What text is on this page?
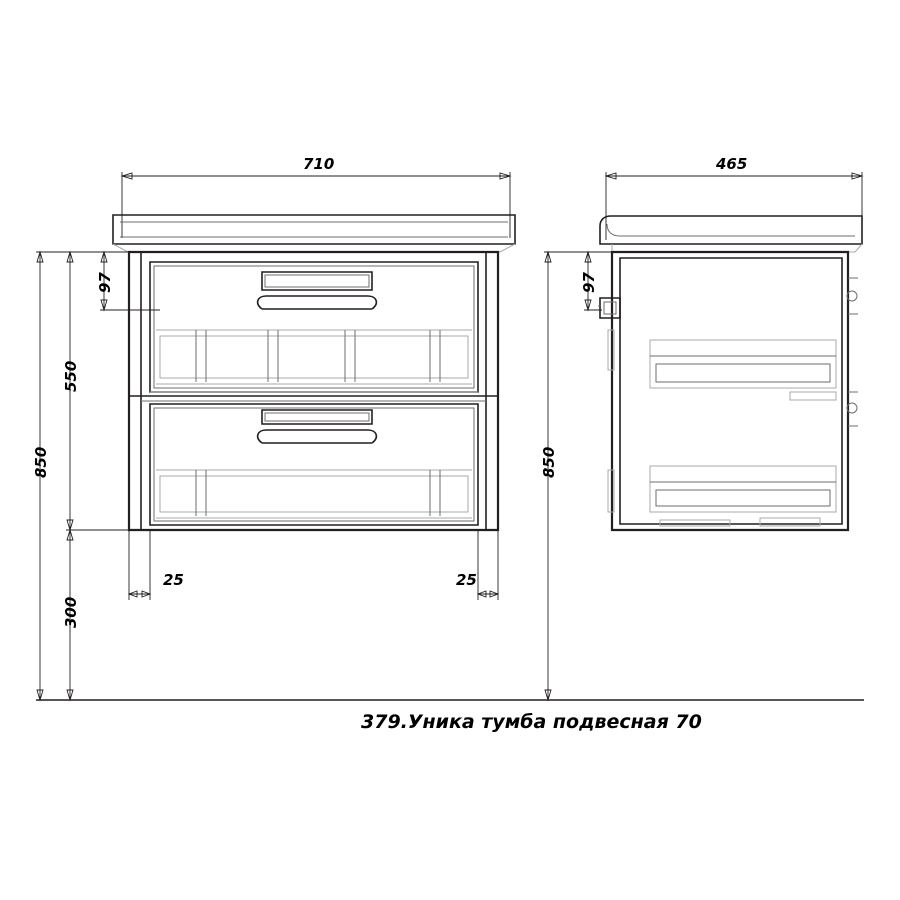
710
97
550
850
300
25	25
465
97
850
379.Уника тумба подвесная 70
